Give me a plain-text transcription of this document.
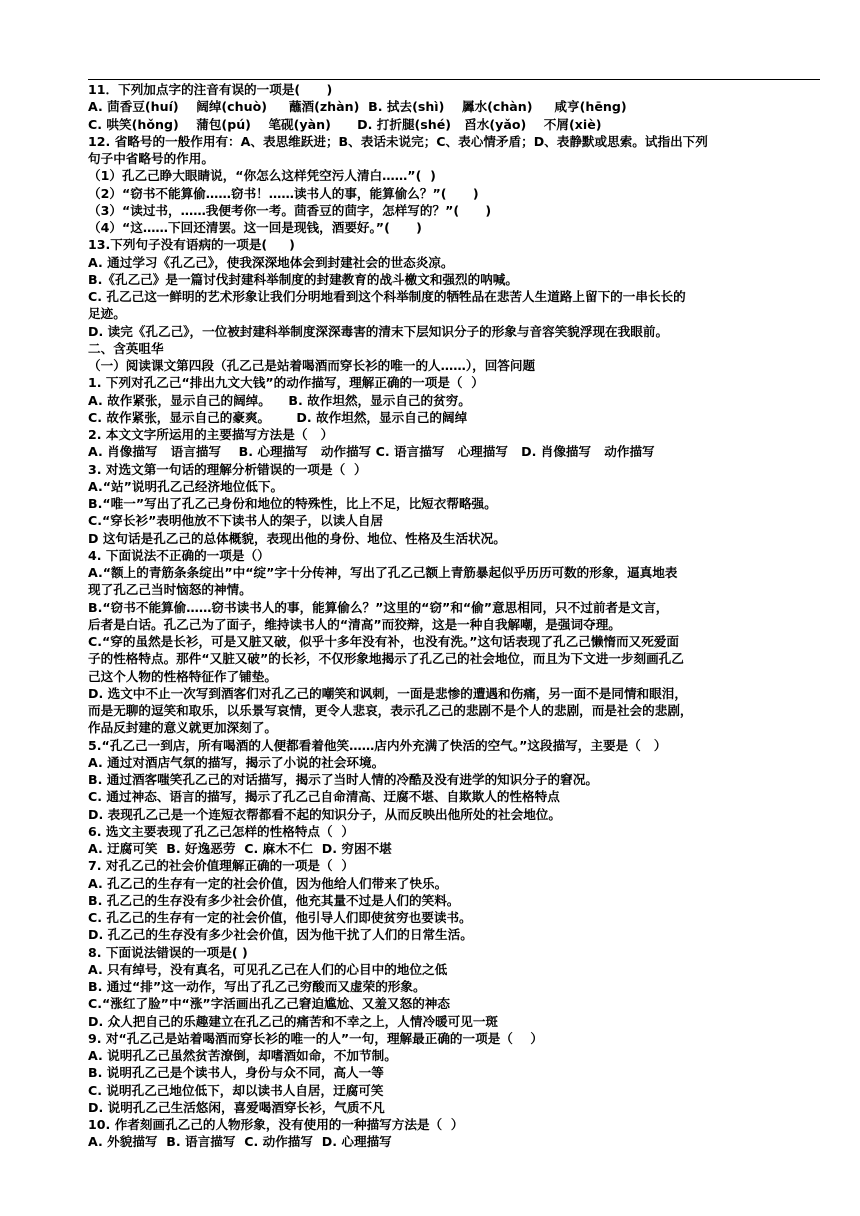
11．下列加点字的注音有误的一项是(      )
A. 茴香豆(huí)    阔绰(chuò)     蘸酒(zhàn)  B. 拭去(shì)    羼水(chàn)     咸亨(hēng)
C. 哄笑(hǒng)    蒲包(pú)    笔砚(yàn)      D. 打折腿(shé)   舀水(yǎo)    不屑(xiè)
12. 省略号的一般作用有：A、表思维跃进；B、表话未说完；C、表心情矛盾；D、表静默或思索。试指出下列
句子中省略号的作用。
（1）孔乙己睁大眼睛说，“你怎么这样凭空污人清白……”(  )
（2）“窃书不能算偷……窃书！……读书人的事，能算偷么？”(      )
（3）“读过书，……我便考你一考。茴香豆的茴字，怎样写的？”(      )
（4）“这……下回还清罢。这一回是现钱，酒要好。”(      )
13.下列句子没有语病的一项是(     )
A. 通过学习《孔乙己》，使我深深地体会到封建社会的世态炎凉。
B.《孔乙己》是一篇讨伐封建科举制度的封建教育的战斗檄文和强烈的呐喊。
C. 孔乙己这一鲜明的艺术形象让我们分明地看到这个科举制度的牺牲品在悲苦人生道路上留下的一串长长的
足迹。
D. 读完《孔乙己》，一位被封建科举制度深深毒害的清末下层知识分子的形象与音容笑貌浮现在我眼前。
二、含英咀华
（一）阅读课文第四段（孔乙己是站着喝酒而穿长衫的唯一的人……），回答问题
1. 下列对孔乙己“排出九文大钱”的动作描写，理解正确的一项是（  ）
A. 故作紧张，显示自己的阔绰。    B. 故作坦然，显示自己的贫穷。
C. 故作紧张，显示自己的豪爽。      D. 故作坦然，显示自己的阔绰
2. 本文文字所运用的主要描写方法是（   ）
A. 肖像描写   语言描写    B. 心理描写   动作描写 C. 语言描写   心理描写   D. 肖像描写   动作描写
3. 对选文第一句话的理解分析错误的一项是（  ）
A.“站”说明孔乙己经济地位低下。
B.“唯一”写出了孔乙己身份和地位的特殊性，比上不足，比短衣帮略强。
C.“穿长衫”表明他放不下读书人的架子，以读人自居
D 这句话是孔乙己的总体概貌，表现出他的身份、地位、性格及生活状况。
4. 下面说法不正确的一项是（）
A.“额上的青筋条条绽出”中“绽”字十分传神，写出了孔乙己额上青筋暴起似乎历历可数的形象，逼真地表
现了孔乙己当时恼怒的神情。
B.“窃书不能算偷……窃书读书人的事，能算偷么？”这里的“窃”和“偷”意思相同，只不过前者是文言，
后者是白话。孔乙己为了面子，维持读书人的“清高”而狡辩，这是一种自我解嘲，是强词夺理。
C.“穿的虽然是长衫，可是又脏又破，似乎十多年没有补，也没有洗。”这句话表现了孔乙己懒惰而又死爱面
子的性格特点。那件“又脏又破”的长衫，不仅形象地揭示了孔乙己的社会地位，而且为下文进一步刻画孔乙
己这个人物的性格特征作了铺垫。
D. 选文中不止一次写到酒客们对孔乙己的嘲笑和讽刺，一面是悲惨的遭遇和伤痛，另一面不是同情和眼泪，
而是无聊的逗笑和取乐，以乐景写哀情，更令人悲哀，表示孔乙己的悲剧不是个人的悲剧，而是社会的悲剧，
作品反封建的意义就更加深刻了。
5.“孔乙己一到店，所有喝酒的人便都看着他笑……店内外充满了快活的空气。”这段描写，主要是（   ）
A. 通过对酒店气氛的描写，揭示了小说的社会环境。
B. 通过酒客嗤笑孔乙己的对话描写，揭示了当时人情的冷酷及没有进学的知识分子的窘况。
C. 通过神态、语言的描写，揭示了孔乙己自命清高、迂腐不堪、自欺欺人的性格特点
D. 表现孔乙己是一个连短衣帮都看不起的知识分子，从而反映出他所处的社会地位。
6. 选文主要表现了孔乙己怎样的性格特点（  ）
A. 迂腐可笑  B. 好逸恶劳  C. 麻木不仁  D. 穷困不堪
7. 对孔乙己的社会价值理解正确的一项是（  ）
A. 孔乙己的生存有一定的社会价值，因为他给人们带来了快乐。
B. 孔乙己的生存没有多少社会价值，他充其量不过是人们的笑料。
C. 孔乙己的生存有一定的社会价值，他引导人们即使贫穷也要读书。
D. 孔乙己的生存没有多少社会价值，因为他干扰了人们的日常生活。
8. 下面说法错误的一项是( )
A. 只有绰号，没有真名，可见孔乙己在人们的心目中的地位之低
B. 通过“排”这一动作，写出了孔乙己穷酸而又虚荣的形象。
C.“涨红了脸”中“涨”字活画出孔乙己窘迫尴尬、又羞又怒的神态
D. 众人把自己的乐趣建立在孔乙己的痛苦和不幸之上，人情冷暖可见一斑
9. 对“孔乙己是站着喝酒而穿长衫的唯一的人”一句，理解最正确的一项是（    ）
A. 说明孔乙己虽然贫苦潦倒，却嗜酒如命，不加节制。
B. 说明孔乙己是个读书人，身份与众不同，高人一等
C. 说明孔乙己地位低下，却以读书人自居，迂腐可笑
D. 说明孔乙己生活悠闲，喜爱喝酒穿长衫，气质不凡
10. 作者刻画孔乙己的人物形象，没有使用的一种描写方法是（  ）
A. 外貌描写  B. 语言描写  C. 动作描写  D. 心理描写
